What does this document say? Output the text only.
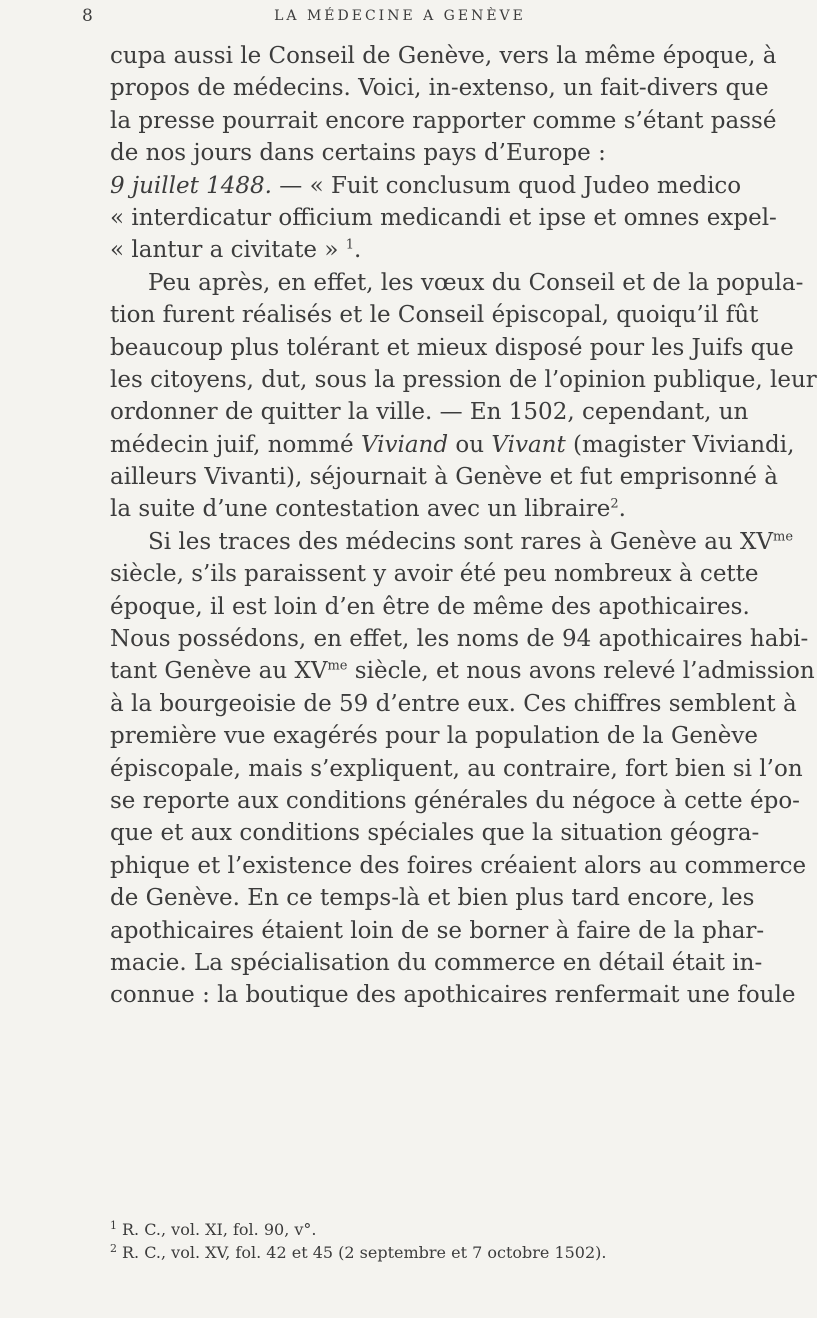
8	LA MÉDECINE A GENÈVE
cupa aussi le Conseil de Genève, vers la même époque, à
propos de médecins. Voici, in-extenso, un fait-divers que
la presse pourrait encore rapporter comme s’étant passé
de nos jours dans certains pays d’Europe :
9 juillet 1488. — « Fuit conclusum quod Judeo medico
« interdicatur officium medicandi et ipse et omnes expel-
« lantur a civitate » $^1$.
Peu après, en effet, les vœux du Conseil et de la popula-
tion furent réalisés et le Conseil épiscopal, quoiqu’il fût
beaucoup plus tolérant et mieux disposé pour les Juifs que
les citoyens, dut, sous la pression de l’opinion publique, leur
ordonner de quitter la ville. — En 1502, cependant, un
médecin juif, nommé Viviand ou Vivant (magister Viviandi,
ailleurs Vivanti), séjournait à Genève et fut emprisonné à
la suite d’une contestation avec un libraire$^2$.
Si les traces des médecins sont rares à Genève au $XV^{me}$
siècle, s’ils paraissent y avoir été peu nombreux à cette
époque, il est loin d’en être de même des apothicaires.
Nous possédons, en effet, les noms de 94 apothicaires habi-
tant Genève au $XV^{me}$ siècle, et nous avons relevé l’admission
à la bourgeoisie de 59 d’entre eux. Ces chiffres semblent à
première vue exagérés pour la population de la Genève
épiscopale, mais s’expliquent, au contraire, fort bien si l’on
se reporte aux conditions générales du négoce à cette épo-
que et aux conditions spéciales que la situation géogra-
phique et l’existence des foires créaient alors au commerce
de Genève. En ce temps-là et bien plus tard encore, les
apothicaires étaient loin de se borner à faire de la phar-
macie. La spécialisation du commerce en détail était in-
connue : la boutique des apothicaires renfermait une foule
1 R. C., vol. XI, fol. 90, v°.
2 R. C., vol. XV, fol. 42 et 45 (2 septembre et 7 octobre 1502).
